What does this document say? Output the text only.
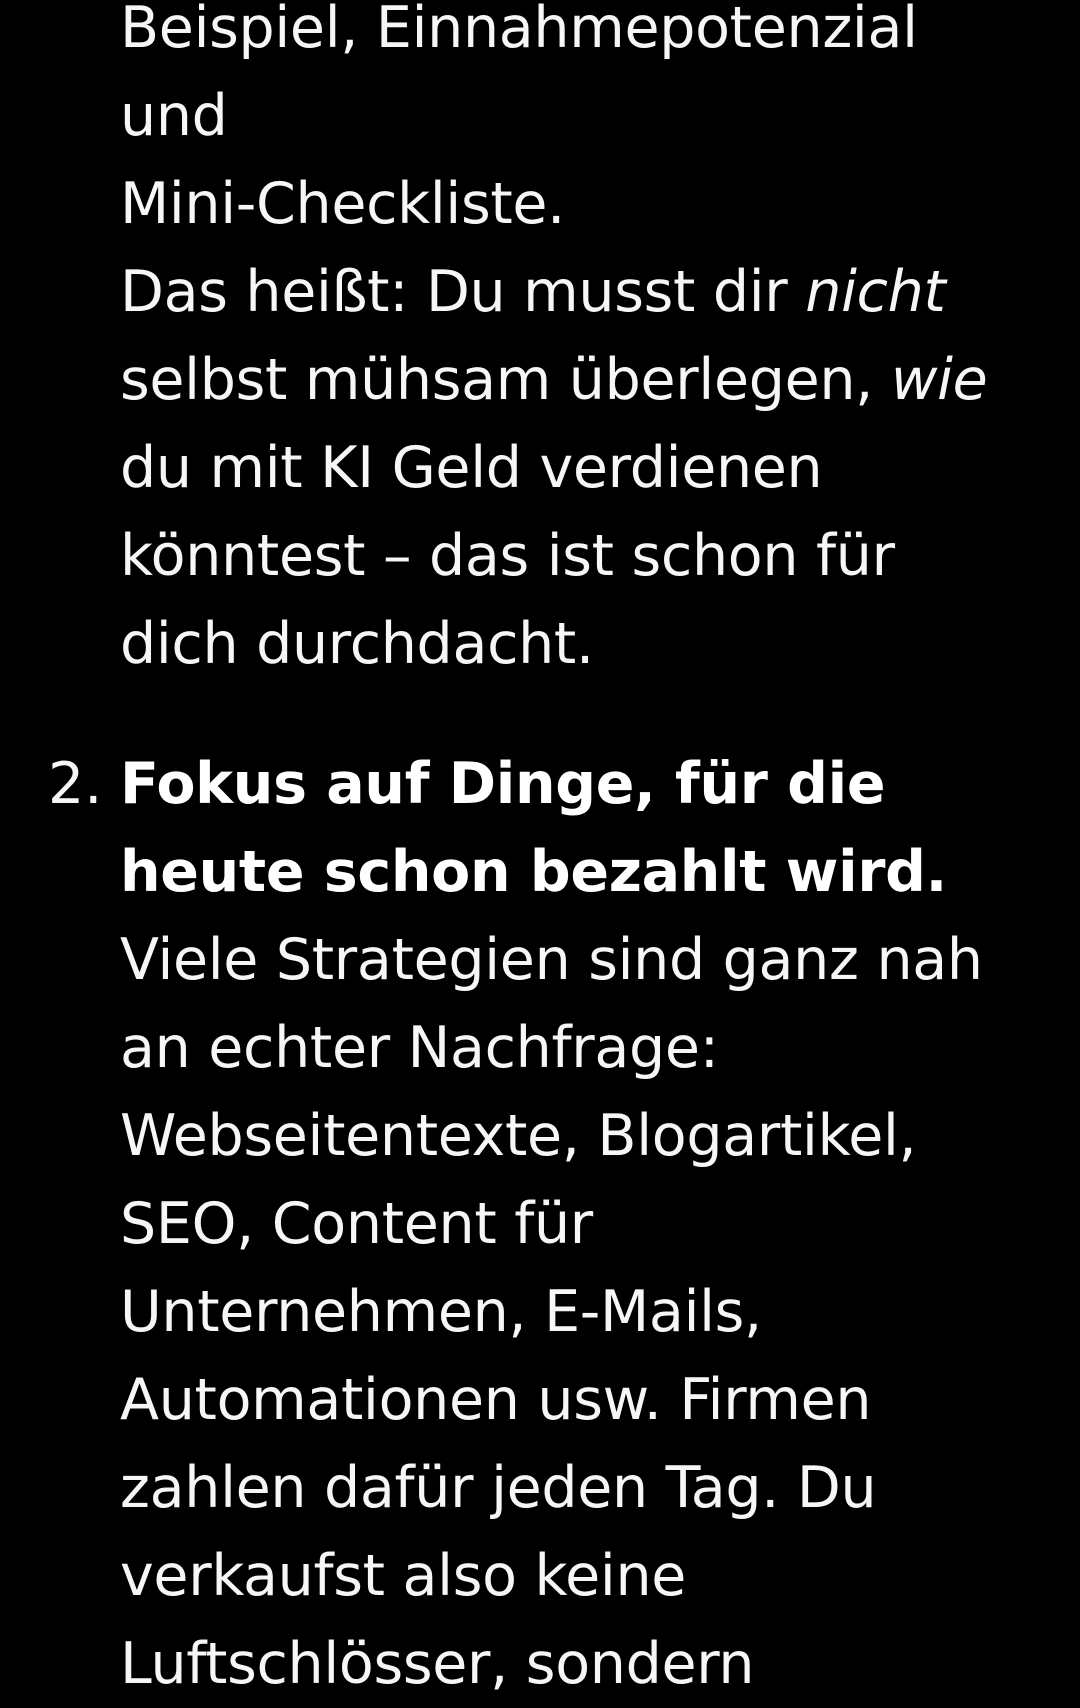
Beispiel, Einnahmepotenzial und

Mini-Checkliste.

Das heißt: Du musst dir nicht selbst mühsam überlegen, wie du mit KI Geld verdienen könntest – das ist schon für dich durchdacht.

2. Fokus auf Dinge, für die heute schon bezahlt wird.

Viele Strategien sind ganz nah an echter Nachfrage: Webseitentexte, Blogartikel, SEO, Content für Unternehmen, E-Mails, Automationen usw. Firmen zahlen dafür jeden Tag. Du verkaufst also keine Luftschlösser, sondern
